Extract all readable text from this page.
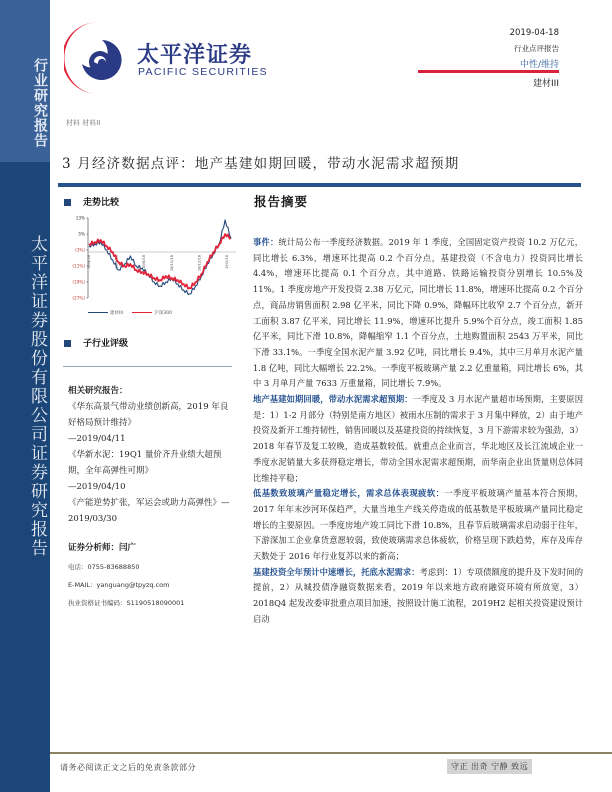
行业研究报告
太平洋证券股份有限公司证券研究报告
太平洋证券
PACIFIC SECURITIES
材料 材料II
2019-04-18
行业点评报告
中性/维持
建材III
3 月经济数据点评：地产基建如期回暖，带动水泥需求超预期
走势比较
13%
5%
(3%)
(11%)
(19%)
(27%)
18/4/18	18/6/18	18/8/18	18/10/18	18/12/18	19/2/18
建材III	沪深300
子行业评级
相关研究报告：
《华东高景气带动业绩创新高，2019 年良好格局预计维持》
—2019/04/11
《华新水泥：19Q1 量价齐升业绩大超预期，全年高弹性可期》
—2019/04/10
《产能逆势扩张，军运会或助力高弹性》—2019/03/30
证券分析师：闫广
电话：0755-83688850
E-MAIL：yanguang@tpyzq.com
执业资格证书编码：S1190518090001
报告摘要

事件：统计局公布一季度经济数据。2019 年 1 季度，全国固定资产投资 10.2 万亿元，同比增长 6.3%，增速环比提高 0.2 个百分点，基建投资（不含电力）投资同比增长 4.4%，增速环比提高 0.1 个百分点，其中道路、铁路运输投资分别增长 10.5%及 11%。1 季度房地产开发投资 2.38 万亿元，同比增长 11.8%，增速环比提高 0.2 个百分点，商品房销售面积 2.98 亿平米，同比下降 0.9%，降幅环比收窄 2.7 个百分点，新开工面积 3.87 亿平米，同比增长 11.9%，增速环比提升 5.9%个百分点，竣工面积 1.85 亿平米，同比下滑 10.8%，降幅缩窄 1.1 个百分点，土地购置面积 2543 万平米，同比下滑 33.1%。一季度全国水泥产量 3.92 亿吨，同比增长 9.4%，其中三月单月水泥产量 1.8 亿吨，同比大幅增长 22.2%。一季度平板玻璃产量 2.2 亿重量箱，同比增长 6%，其中 3 月单月产量 7633 万重量箱，同比增长 7.9%。

地产基建如期回暖，带动水泥需求超预期：一季度及 3 月水泥产量超市场预期，主要原因是：1）1-2 月部分（特别是南方地区）被雨水压制的需求于 3 月集中释放，2）由于地产投资及新开工维持韧性，销售回暖以及基建投资的持续恢复，3 月下游需求较为强劲，3）2018 年春节及复工较晚，造成基数较低。就重点企业而言，华北地区及长江流域企业一季度水泥销量大多获得稳定增长，带动全国水泥需求超预期，而华南企业出货量则总体同比维持平稳；

低基数致玻璃产量稳定增长，需求总体表现疲软：一季度平板玻璃产量基本符合预期，2017 年年末沙河环保趋严，大量当地生产线关停造成的低基数是平板玻璃产量同比稳定增长的主要原因。一季度房地产竣工同比下滑 10.8%，且春节后玻璃需求启动弱于往年，下游深加工企业拿货意愿较弱，致使玻璃需求总体疲软，价格呈现下跌趋势，库存及库存天数处于 2016 年行业复苏以来的新高；

基建投资全年预计中速增长，托底水泥需求：考虑到：1）专项债额度的提升及下发时间的提前，2）从城投债净融资数据来看，2019 年以来地方政府融资环境有所放宽，3）2018Q4 起发改委审批重点项目加速，按照设计施工流程，2019H2 起相关投资建设预计启动

请务必阅读正文之后的免责条款部分	守正 出奇 宁静 致远
